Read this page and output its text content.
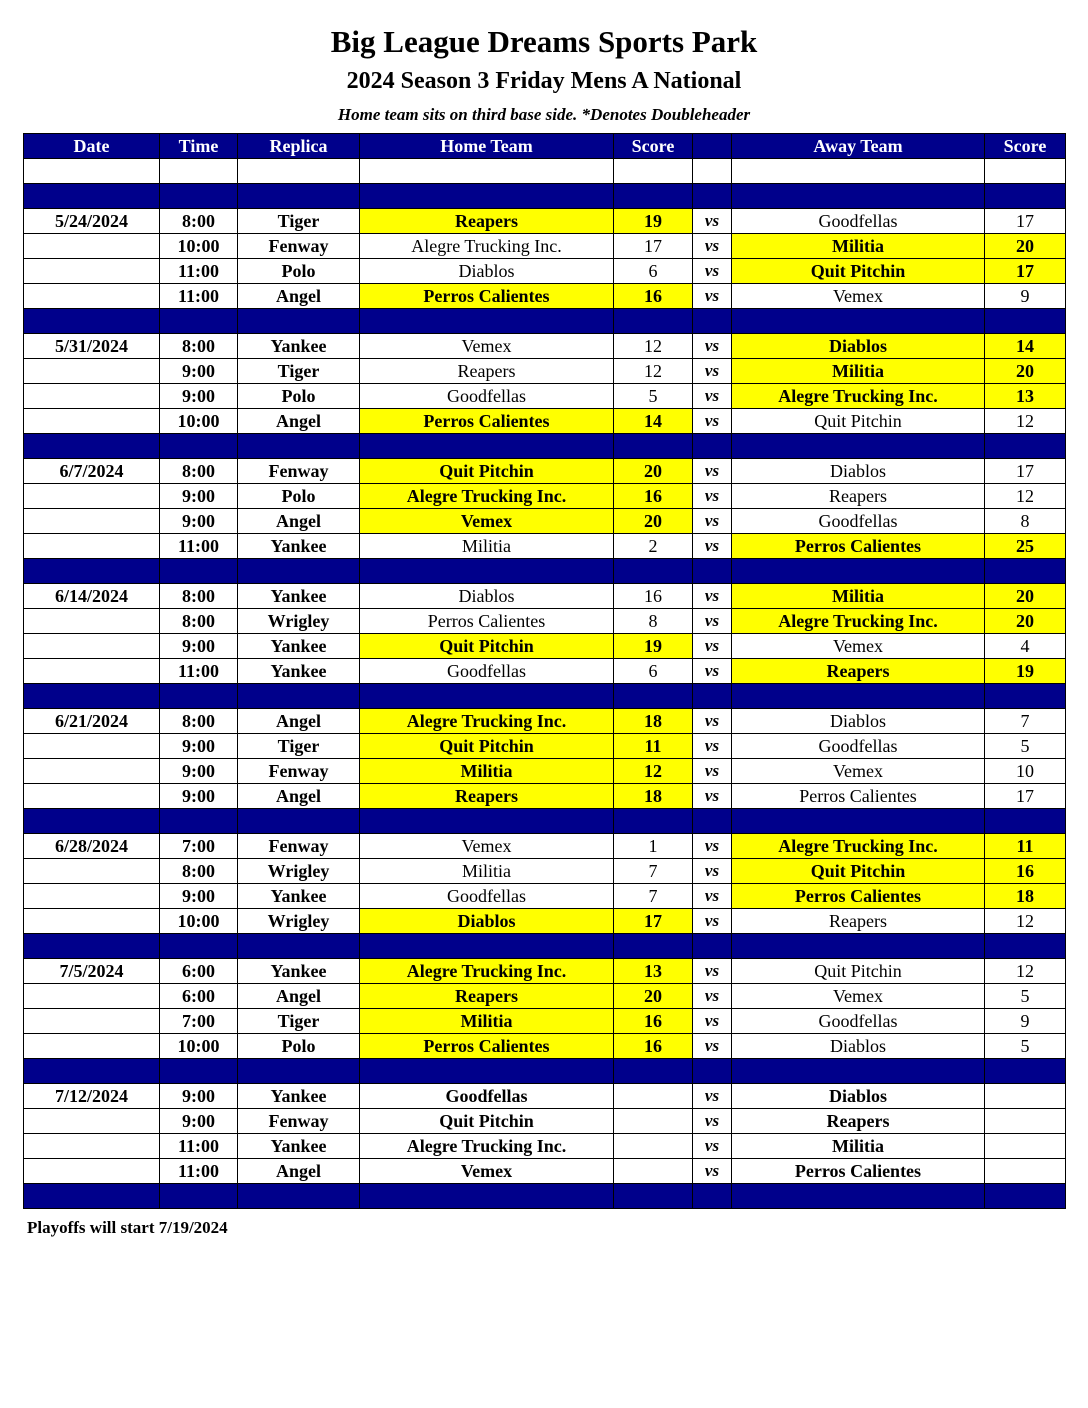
Big League Dreams Sports Park
2024 Season 3 Friday Mens A National
Home team sits on third base side. *Denotes Doubleheader
Date	Time	Replica	Home Team	Score		Away Team	Score

5/24/2024	8:00	Tiger	Reapers	19	vs	Goodfellas	17
	10:00	Fenway	Alegre Trucking Inc.	17	vs	Militia	20
	11:00	Polo	Diablos	6	vs	Quit Pitchin	17
	11:00	Angel	Perros Calientes	16	vs	Vemex	9

5/31/2024	8:00	Yankee	Vemex	12	vs	Diablos	14
	9:00	Tiger	Reapers	12	vs	Militia	20
	9:00	Polo	Goodfellas	5	vs	Alegre Trucking Inc.	13
	10:00	Angel	Perros Calientes	14	vs	Quit Pitchin	12

6/7/2024	8:00	Fenway	Quit Pitchin	20	vs	Diablos	17
	9:00	Polo	Alegre Trucking Inc.	16	vs	Reapers	12
	9:00	Angel	Vemex	20	vs	Goodfellas	8
	11:00	Yankee	Militia	2	vs	Perros Calientes	25

6/14/2024	8:00	Yankee	Diablos	16	vs	Militia	20
	8:00	Wrigley	Perros Calientes	8	vs	Alegre Trucking Inc.	20
	9:00	Yankee	Quit Pitchin	19	vs	Vemex	4
	11:00	Yankee	Goodfellas	6	vs	Reapers	19

6/21/2024	8:00	Angel	Alegre Trucking Inc.	18	vs	Diablos	7
	9:00	Tiger	Quit Pitchin	11	vs	Goodfellas	5
	9:00	Fenway	Militia	12	vs	Vemex	10
	9:00	Angel	Reapers	18	vs	Perros Calientes	17

6/28/2024	7:00	Fenway	Vemex	1	vs	Alegre Trucking Inc.	11
	8:00	Wrigley	Militia	7	vs	Quit Pitchin	16
	9:00	Yankee	Goodfellas	7	vs	Perros Calientes	18
	10:00	Wrigley	Diablos	17	vs	Reapers	12

7/5/2024	6:00	Yankee	Alegre Trucking Inc.	13	vs	Quit Pitchin	12
	6:00	Angel	Reapers	20	vs	Vemex	5
	7:00	Tiger	Militia	16	vs	Goodfellas	9
	10:00	Polo	Perros Calientes	16	vs	Diablos	5

7/12/2024	9:00	Yankee	Goodfellas		vs	Diablos	
	9:00	Fenway	Quit Pitchin		vs	Reapers	
	11:00	Yankee	Alegre Trucking Inc.		vs	Militia	
	11:00	Angel	Vemex		vs	Perros Calientes	

Playoffs will start 7/19/2024
